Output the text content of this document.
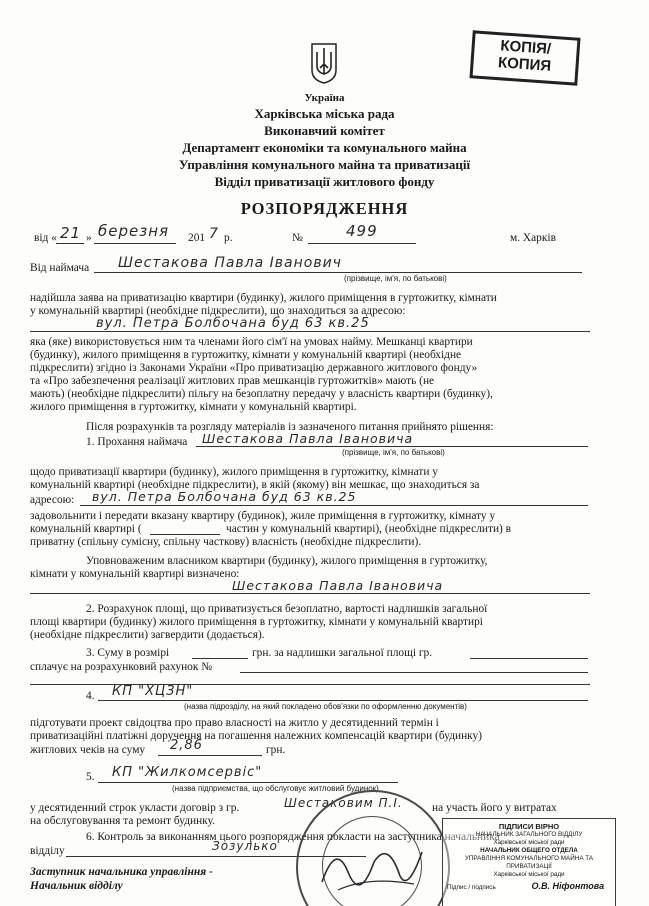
КОПІЯ/
КОПИЯ
Україна
Харківська міська рада
Виконавчий комітет
Департамент економіки та комунального майна
Управління комунального майна та приватизації
Відділ приватизації житлового фонду
РОЗПОРЯДЖЕННЯ
від « 21 » березня 201 7 р.	№	499	м. Харків
Від наймача Шестакова Павла Іванович
(прізвище, ім'я, по батькові)
надійшла заява на приватизацію квартири (будинку), жилого приміщення в гуртожитку, кімнати
у комунальній квартирі (необхідне підкреслити), що знаходиться за адресою:
вул. Петра Болбочана буд 63 кв.25
яка (яке) використовується ним та членами його сім'ї на умовах найму. Мешканці квартири
(будинку), жилого приміщення в гуртожитку, кімнати у комунальній квартирі (необхідне
підкреслити) згідно із Законами України «Про приватизацію державного житлового фонду»
та «Про забезпечення реалізації житлових прав мешканців гуртожитків» мають (не
мають) (необхідне підкреслити) пільгу на безоплатну передачу у власність квартири (будинку),
жилого приміщення в гуртожитку, кімнати у комунальній квартирі.
Після розрахунків та розгляду матеріалів із зазначеного питання прийнято рішення:
1. Прохання наймача Шестакова Павла Івановича
(прізвище, ім'я, по батькові)
щодо приватизації квартири (будинку), жилого приміщення в гуртожитку, кімнати у
комунальній квартирі (необхідне підкреслити), в якій (якому) він мешкає, що знаходиться за
адресою: вул. Петра Болбочана буд 63 кв.25
задовольнити і передати вказану квартиру (будинок), жиле приміщення в гуртожитку, кімнату у
комунальній квартирі (	частин у комунальній квартирі), (необхідне підкреслити) в
приватну (спільну сумісну, спільну часткову) власність (необхідне підкреслити).
Уповноваженим власником квартири (будинку), жилого приміщення в гуртожитку,
кімнати у комунальній квартирі визначено:
Шестакова Павла Івановича
2. Розрахунок площі, що приватизується безоплатно, вартості надлишків загальної
площі квартири (будинку) жилого приміщення в гуртожитку, кімнати у комунальній квартирі
(необхідне підкреслити) загвердити (додається).
3. Суму в розмірі	грн. за надлишки загальної площі гр.
сплачує на розрахунковий рахунок №
4. КП "ХЦЗН"
(назва підрозділу, на який покладено обов'язки по оформленню документів)
підготувати проект свідоцтва про право власності на житло у десятиденний термін і
приватизаційні платіжні доручення на погашення належних компенсацій квартири (будинку)
житлових чеків на суму 2,86	грн.
5. КП "Жилкомсервіс"
(назва підприємства, що обслуговує житловий будинок)
у десятиденний строк укласти договір з гр.	Шестаковим П.І.	на участь його у витратах
на обслуговування та ремонт будинку.
6. Контроль за виконанням цього розпорядження покласти на заступника начальника
відділу	Зозулько
Заступник начальника управління -
Начальник відділу
ПІДПИСИ ВІРНО
НАЧАЛЬНИК ЗАГАЛЬНОГО ВІДДІЛУ
Харківської міської ради
НАЧАЛЬНИК ОБЩЕГО ОТДЕЛА
УПРАВЛІННЯ КОМУНАЛЬНОГО МАЙНА ТА ПРИВАТИЗАЦІЇ
Харківської міської ради
Підпис / подпись	О.В. Ніфонтова
